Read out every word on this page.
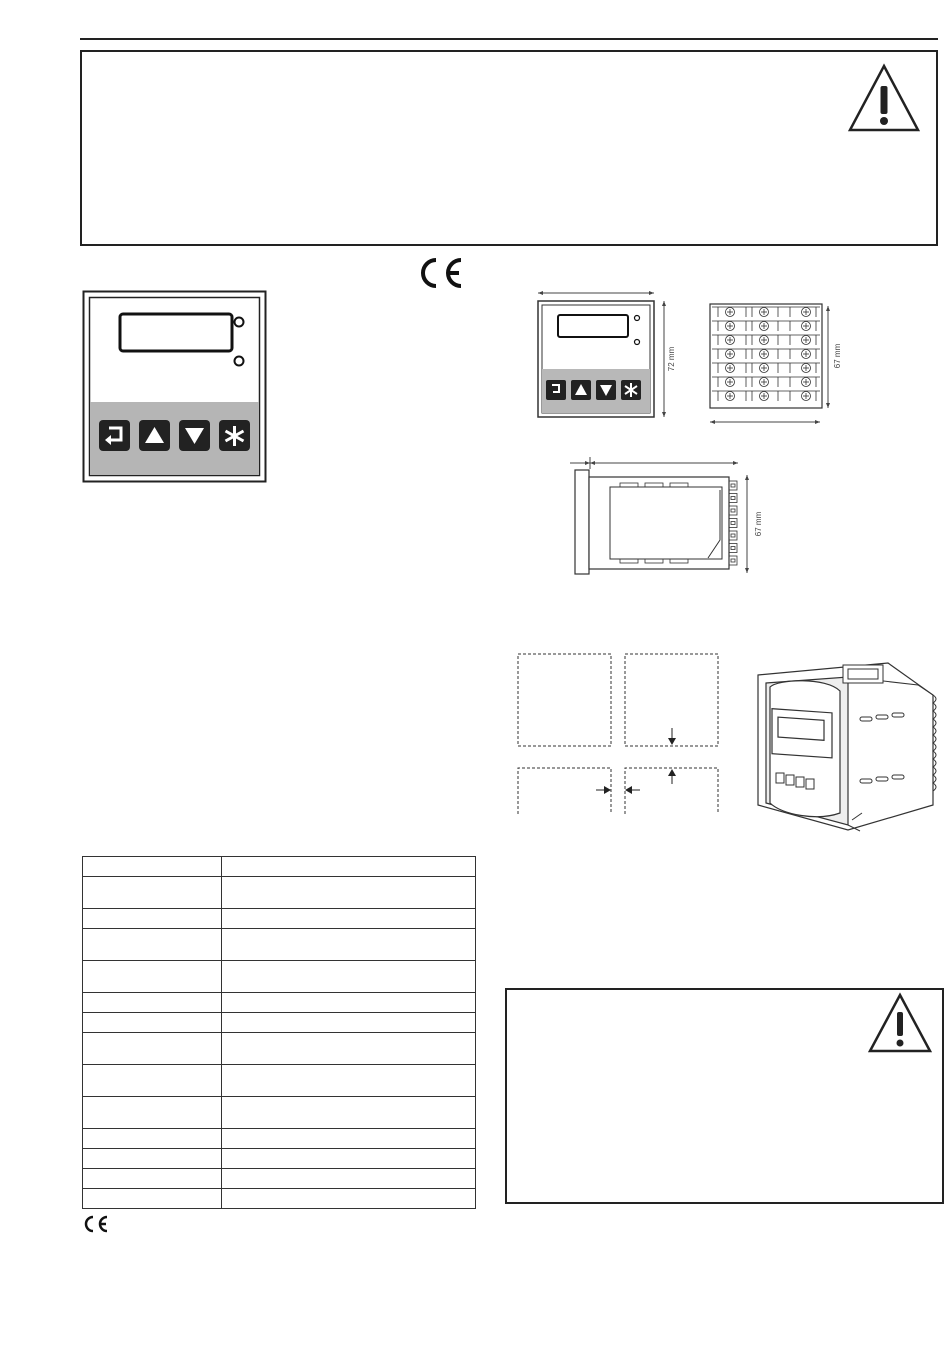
72 mm	67 mm
67 mm
